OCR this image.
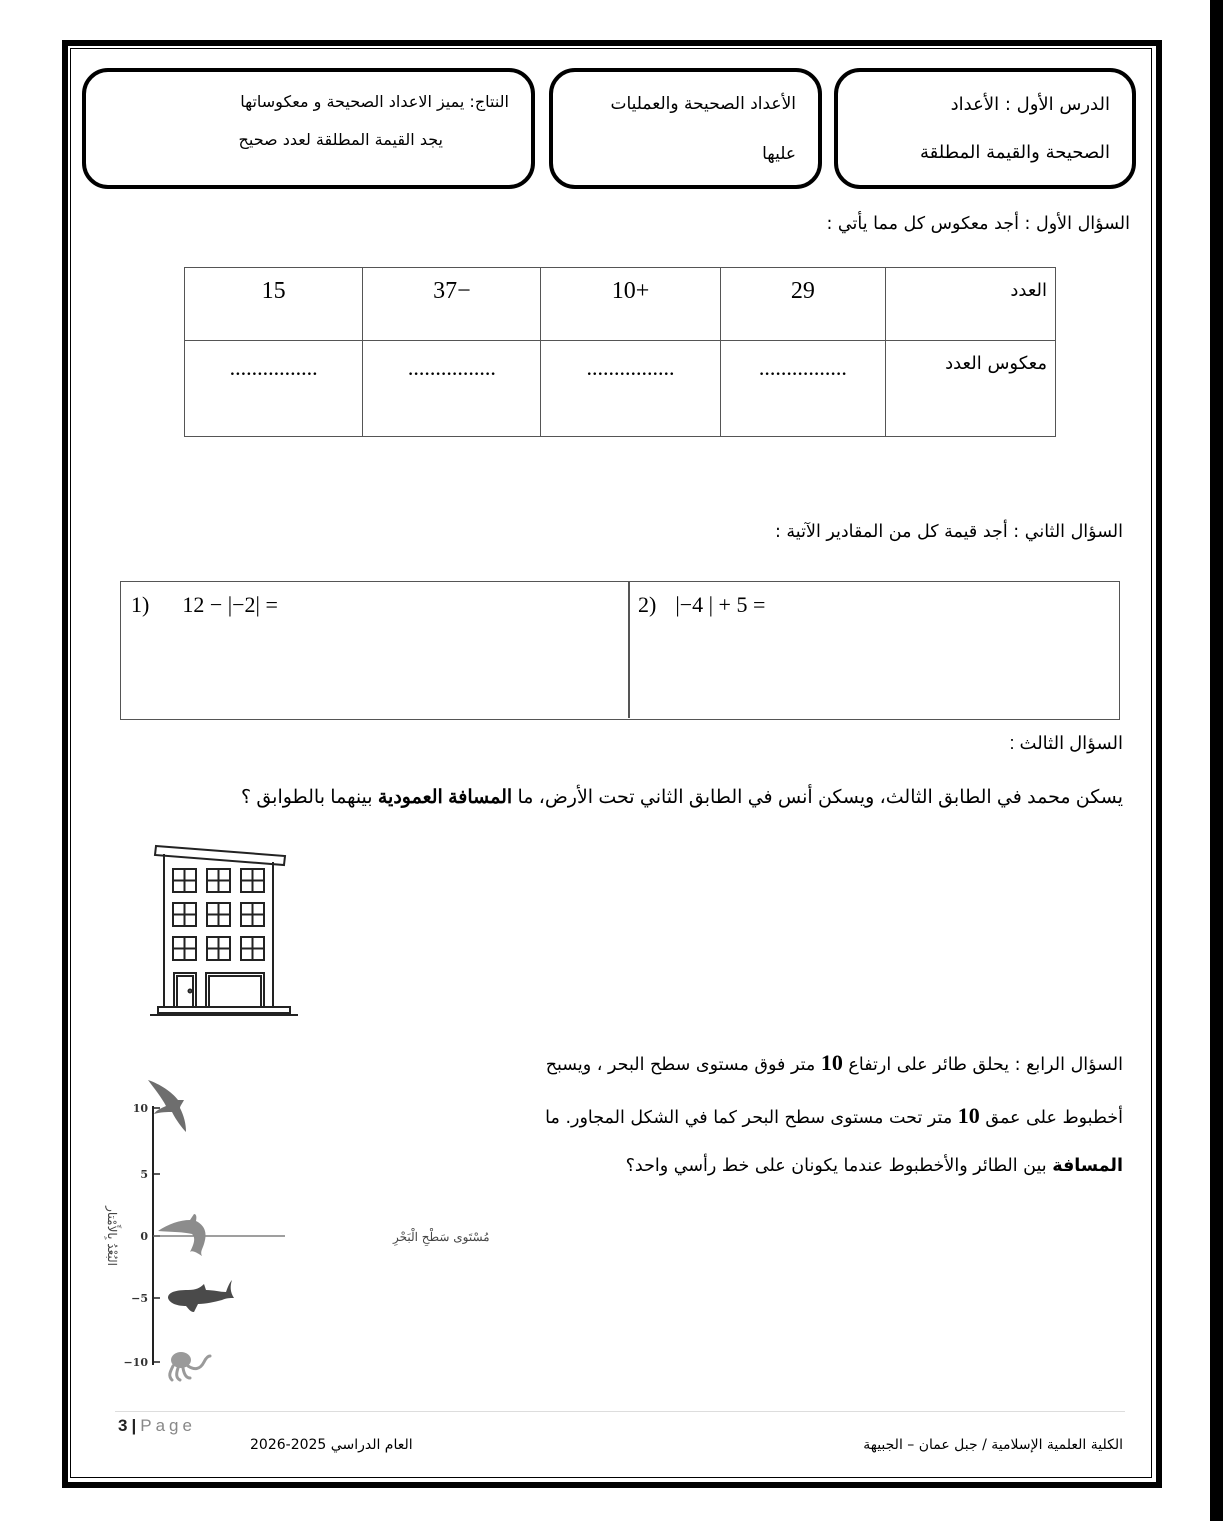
الدرس الأول : الأعداد
الصحيحة والقيمة المطلقة
الأعداد الصحيحة والعمليات
عليها
النتاج: يميز الاعداد الصحيحة و معكوساتها
يجد القيمة المطلقة لعدد صحيح
السؤال الأول : أجد معكوس كل مما يأتي :
العدد	29	+10	−37	15
معكوس العدد	................	................	................	................
السؤال الثاني : أجد قيمة كل من المقادير الآتية :
1) 12 − |−2| =	2) |−4 | + 5 =
السؤال الثالث :
يسكن محمد في الطابق الثالث، ويسكن أنس في الطابق الثاني تحت الأرض، ما المسافة العمودية بينهما بالطوابق ؟
السؤال الرابع : يحلق طائر على ارتفاع 10 متر فوق مستوى سطح البحر ، ويسبح
أخطبوط على عمق 10 متر تحت مستوى سطح البحر كما في الشكل المجاور. ما
المسافة بين الطائر والأخطبوط عندما يكونان على خط رأسي واحد؟
10
5
0
−5
−10
مُسْتَوى سَطْحِ الْبَحْرِ
البُعْدُ بِالأَمْتار
3 | Page
الكلية العلمية الإسلامية / جبل عمان – الجبيهة
العام الدراسي 2025-2026
